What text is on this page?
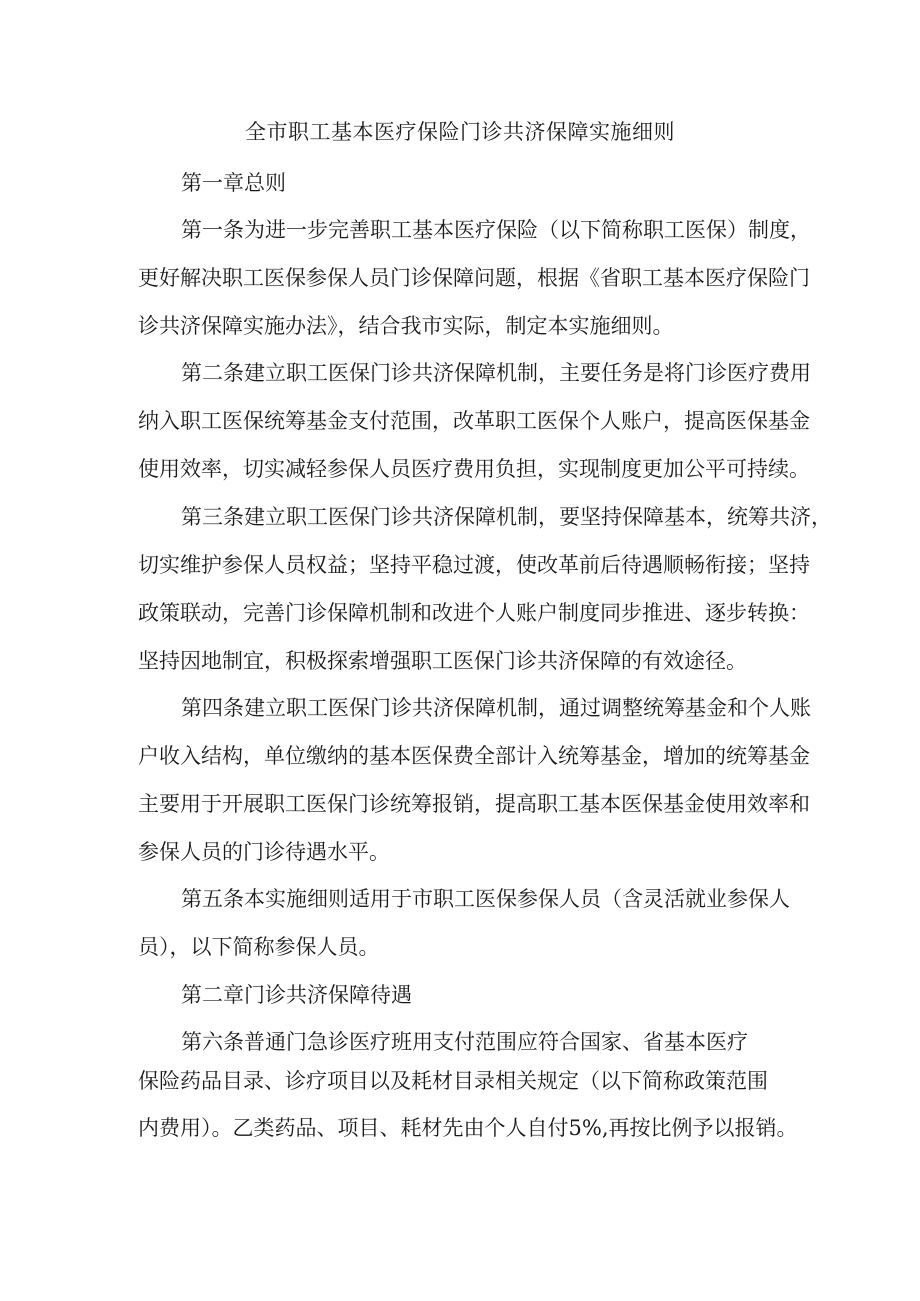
全市职工基本医疗保险门诊共济保障实施细则
第一章总则
第一条为进一步完善职工基本医疗保险（以下简称职工医保）制度，
更好解决职工医保参保人员门诊保障问题，根据《省职工基本医疗保险门
诊共济保障实施办法》，结合我市实际，制定本实施细则。
第二条建立职工医保门诊共济保障机制，主要任务是将门诊医疗费用
纳入职工医保统筹基金支付范围，改革职工医保个人账户，提高医保基金
使用效率，切实减轻参保人员医疗费用负担，实现制度更加公平可持续。
第三条建立职工医保门诊共济保障机制，要坚持保障基本，统筹共济，
切实维护参保人员权益；坚持平稳过渡，使改革前后待遇顺畅衔接；坚持
政策联动，完善门诊保障机制和改进个人账户制度同步推进、逐步转换：
坚持因地制宜，积极探索增强职工医保门诊共济保障的有效途径。
第四条建立职工医保门诊共济保障机制，通过调整统筹基金和个人账
户收入结构，单位缴纳的基本医保费全部计入统筹基金，增加的统筹基金
主要用于开展职工医保门诊统筹报销，提高职工基本医保基金使用效率和
参保人员的门诊待遇水平。
第五条本实施细则适用于市职工医保参保人员（含灵活就业参保人
员），以下简称参保人员。
第二章门诊共济保障待遇
第六条普通门急诊医疗班用支付范围应符合国家、省基本医疗
保险药品目录、诊疗项目以及耗材目录相关规定（以下简称政策范围
内费用）。乙类药品、项目、耗材先由个人自付5%,再按比例予以报销。
